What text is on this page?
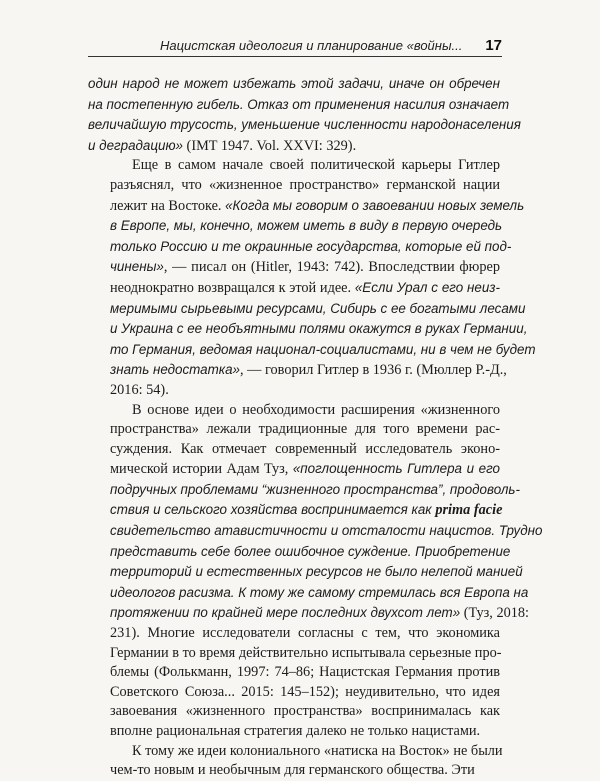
Нацистская идеология и планирование «войны... 17

один народ не может избежать этой задачи, иначе он обречен
на постепенную гибель. Отказ от применения насилия означает
величайшую трусость, уменьшение численности народонаселения
и деградацию» (IMT 1947. Vol. XXVI: 329).

Еще в самом начале своей политической карьеры Гитлер
разъяснял, что «жизненное пространство» германской нации
лежит на Востоке. «Когда мы говорим о завоевании новых земель
в Европе, мы, конечно, можем иметь в виду в первую очередь
только Россию и те окраинные государства, которые ей под-
чинены», — писал он (Hitler, 1943: 742). Впоследствии фюрер
неоднократно возвращался к этой идее. «Если Урал с его неиз-
меримыми сырьевыми ресурсами, Сибирь с ее богатыми лесами
и Украина с ее необъятными полями окажутся в руках Германии,
то Германия, ведомая национал-социалистами, ни в чем не будет
знать недостатка», — говорил Гитлер в 1936 г. (Мюллер Р.-Д.,
2016: 54).

В основе идеи о необходимости расширения «жизненного
пространства» лежали традиционные для того времени рас-
суждения. Как отмечает современный исследователь эконо-
мической истории Адам Туз, «поглощенность Гитлера и его
подручных проблемами “жизненного пространства”, продоволь-
ствия и сельского хозяйства воспринимается как prima facie
свидетельство атавистичности и отсталости нацистов. Трудно
представить себе более ошибочное суждение. Приобретение
территорий и естественных ресурсов не было нелепой манией
идеологов расизма. К тому же самому стремилась вся Европа на
протяжении по крайней мере последних двухсот лет» (Туз, 2018:
231). Многие исследователи согласны с тем, что экономика
Германии в то время действительно испытывала серьезные про-
блемы (Фолькманн, 1997: 74–86; Нацистская Германия против
Советского Союза... 2015: 145–152); неудивительно, что идея
завоевания «жизненного пространства» воспринималась как
вполне рациональная стратегия далеко не только нацистами.

К тому же идеи колониального «натиска на Восток» не были
чем-то новым и необычным для германского общества. Эти
